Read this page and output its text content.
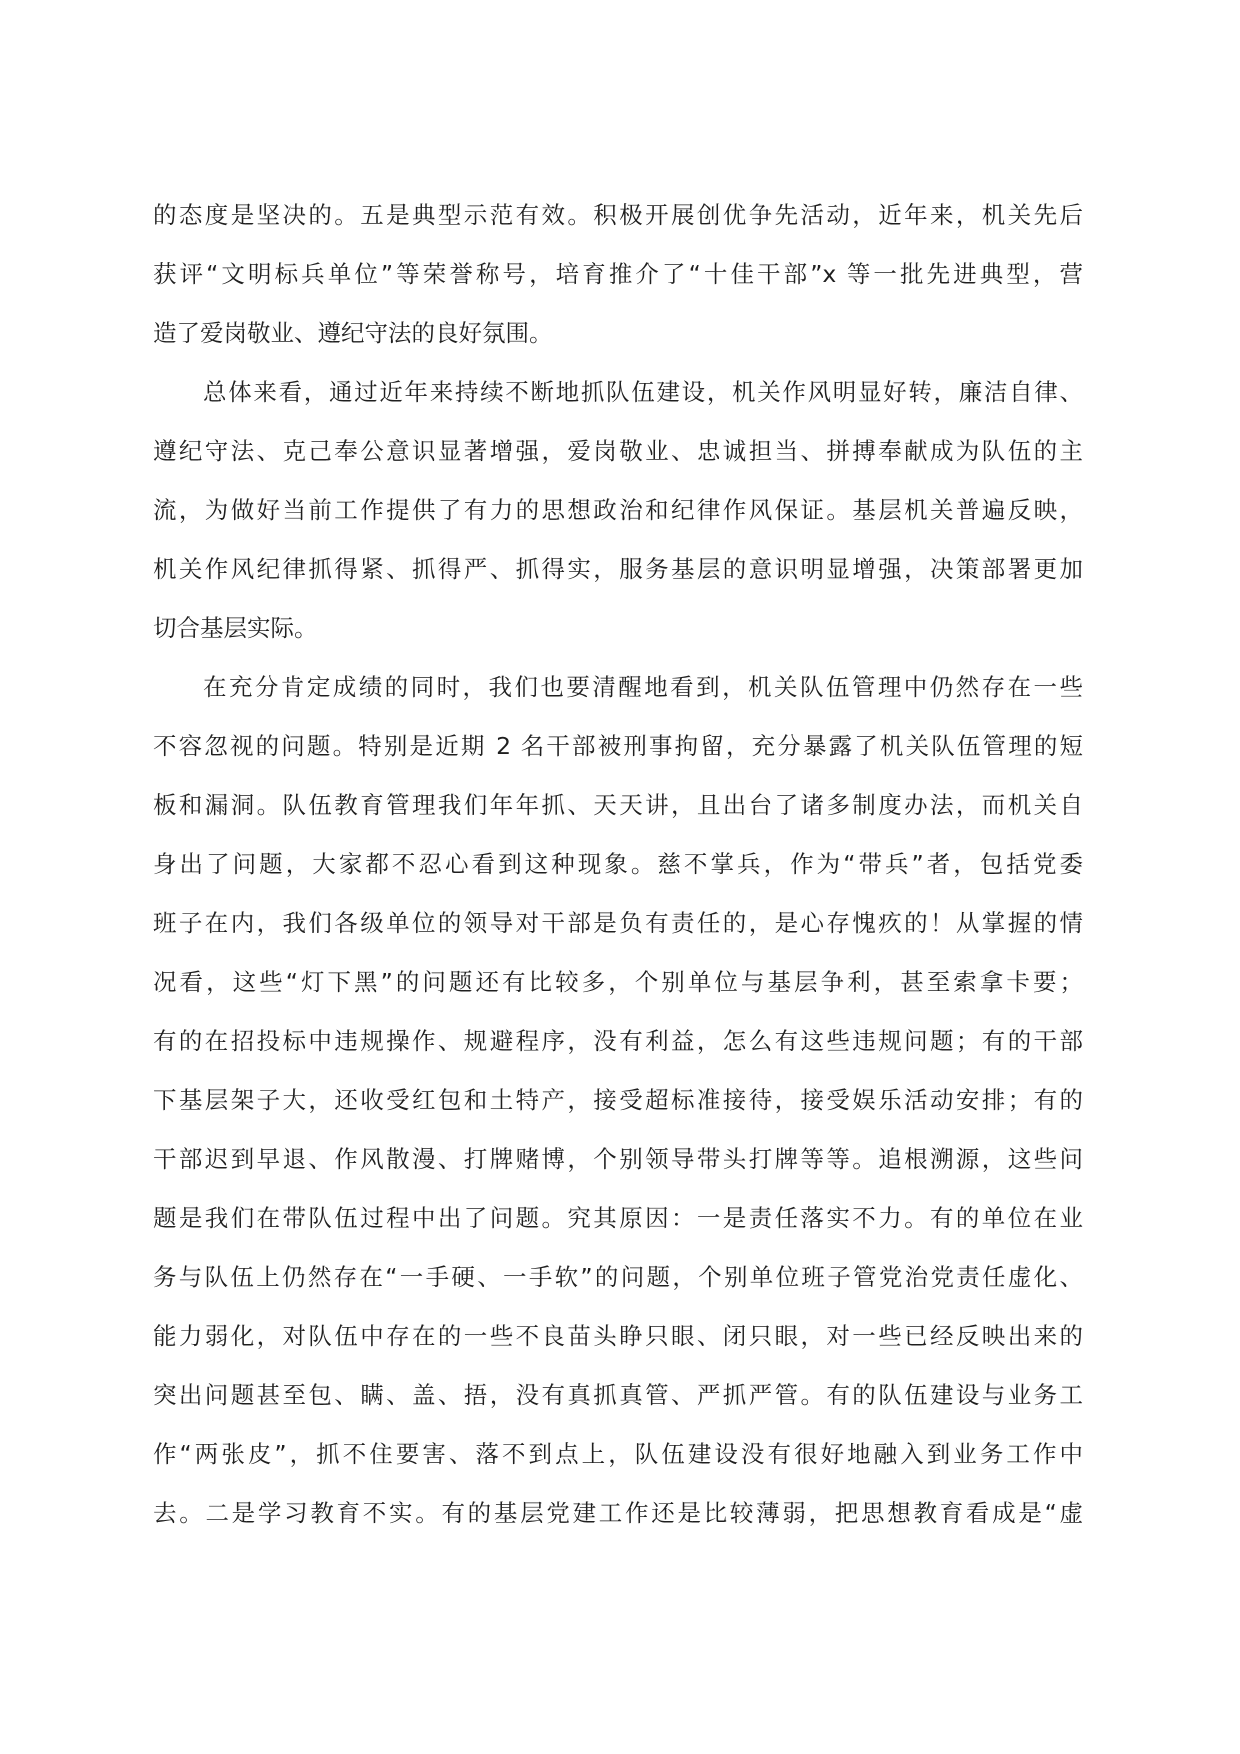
的态度是坚决的。五是典型示范有效。积极开展创优争先活动，近年来，机关先后
获评“文明标兵单位”等荣誉称号，培育推介了“十佳干部”x 等一批先进典型，营
造了爱岗敬业、遵纪守法的良好氛围。
总体来看，通过近年来持续不断地抓队伍建设，机关作风明显好转，廉洁自律、
遵纪守法、克己奉公意识显著增强，爱岗敬业、忠诚担当、拼搏奉献成为队伍的主
流，为做好当前工作提供了有力的思想政治和纪律作风保证。基层机关普遍反映，
机关作风纪律抓得紧、抓得严、抓得实，服务基层的意识明显增强，决策部署更加
切合基层实际。
在充分肯定成绩的同时，我们也要清醒地看到，机关队伍管理中仍然存在一些
不容忽视的问题。特别是近期 2 名干部被刑事拘留，充分暴露了机关队伍管理的短
板和漏洞。队伍教育管理我们年年抓、天天讲，且出台了诸多制度办法，而机关自
身出了问题，大家都不忍心看到这种现象。慈不掌兵，作为“带兵”者，包括党委
班子在内，我们各级单位的领导对干部是负有责任的，是心存愧疚的！从掌握的情
况看，这些“灯下黑”的问题还有比较多，个别单位与基层争利，甚至索拿卡要；
有的在招投标中违规操作、规避程序，没有利益，怎么有这些违规问题；有的干部
下基层架子大，还收受红包和土特产，接受超标准接待，接受娱乐活动安排；有的
干部迟到早退、作风散漫、打牌赌博，个别领导带头打牌等等。追根溯源，这些问
题是我们在带队伍过程中出了问题。究其原因：一是责任落实不力。有的单位在业
务与队伍上仍然存在“一手硬、一手软”的问题，个别单位班子管党治党责任虚化、
能力弱化，对队伍中存在的一些不良苗头睁只眼、闭只眼，对一些已经反映出来的
突出问题甚至包、瞒、盖、捂，没有真抓真管、严抓严管。有的队伍建设与业务工
作“两张皮”，抓不住要害、落不到点上，队伍建设没有很好地融入到业务工作中
去。二是学习教育不实。有的基层党建工作还是比较薄弱，把思想教育看成是“虚
